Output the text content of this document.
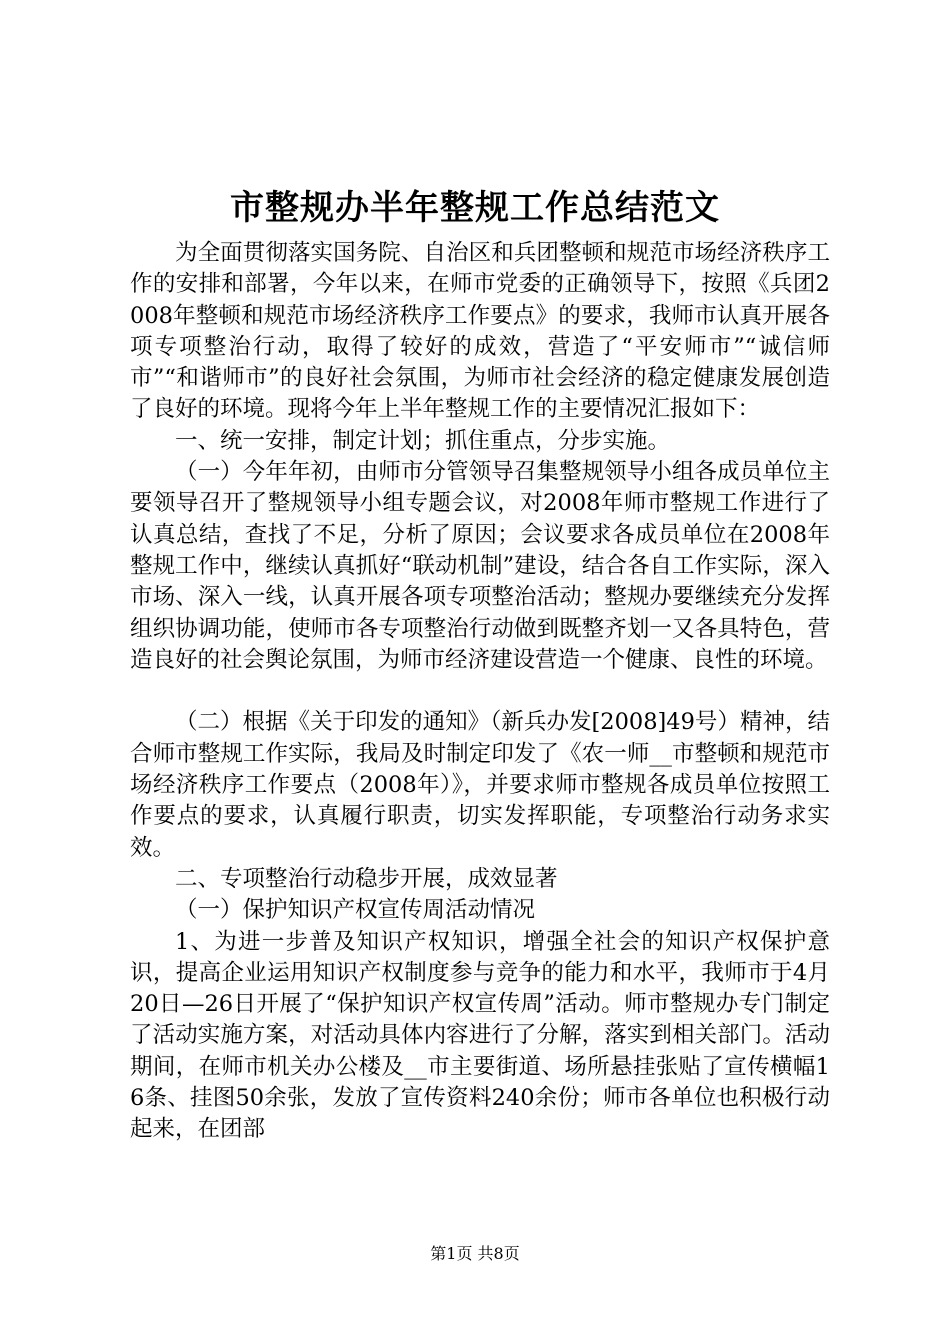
市整规办半年整规工作总结范文

为全面贯彻落实国务院、自治区和兵团整顿和规范市场经济秩序工作的安排和部署，今年以来，在师市党委的正确领导下，按照《兵团2008年整顿和规范市场经济秩序工作要点》的要求，我师市认真开展各项专项整治行动，取得了较好的成效，营造了“平安师市”“诚信师市”“和谐师市”的良好社会氛围，为师市社会经济的稳定健康发展创造了良好的环境。现将今年上半年整规工作的主要情况汇报如下：

一、统一安排，制定计划；抓住重点，分步实施。

（一）今年年初，由师市分管领导召集整规领导小组各成员单位主要领导召开了整规领导小组专题会议，对2008年师市整规工作进行了认真总结，查找了不足，分析了原因；会议要求各成员单位在2008年整规工作中，继续认真抓好“联动机制”建设，结合各自工作实际，深入市场、深入一线，认真开展各项专项整治活动；整规办要继续充分发挥组织协调功能，使师市各专项整治行动做到既整齐划一又各具特色，营造良好的社会舆论氛围，为师市经济建设营造一个健康、良性的环境。

（二）根据《关于印发的通知》（新兵办发[2008]49号）精神，结合师市整规工作实际，我局及时制定印发了《农一师__市整顿和规范市场经济秩序工作要点（2008年）》，并要求师市整规各成员单位按照工作要点的要求，认真履行职责，切实发挥职能，专项整治行动务求实效。

二、专项整治行动稳步开展，成效显著

（一）保护知识产权宣传周活动情况

1、为进一步普及知识产权知识，增强全社会的知识产权保护意识，提高企业运用知识产权制度参与竞争的能力和水平，我师市于4月20日—26日开展了“保护知识产权宣传周”活动。师市整规办专门制定了活动实施方案，对活动具体内容进行了分解，落实到相关部门。活动期间，在师市机关办公楼及__市主要街道、场所悬挂张贴了宣传横幅16条、挂图50余张，发放了宣传资料240余份；师市各单位也积极行动起来，在团部

第1页 共8页
